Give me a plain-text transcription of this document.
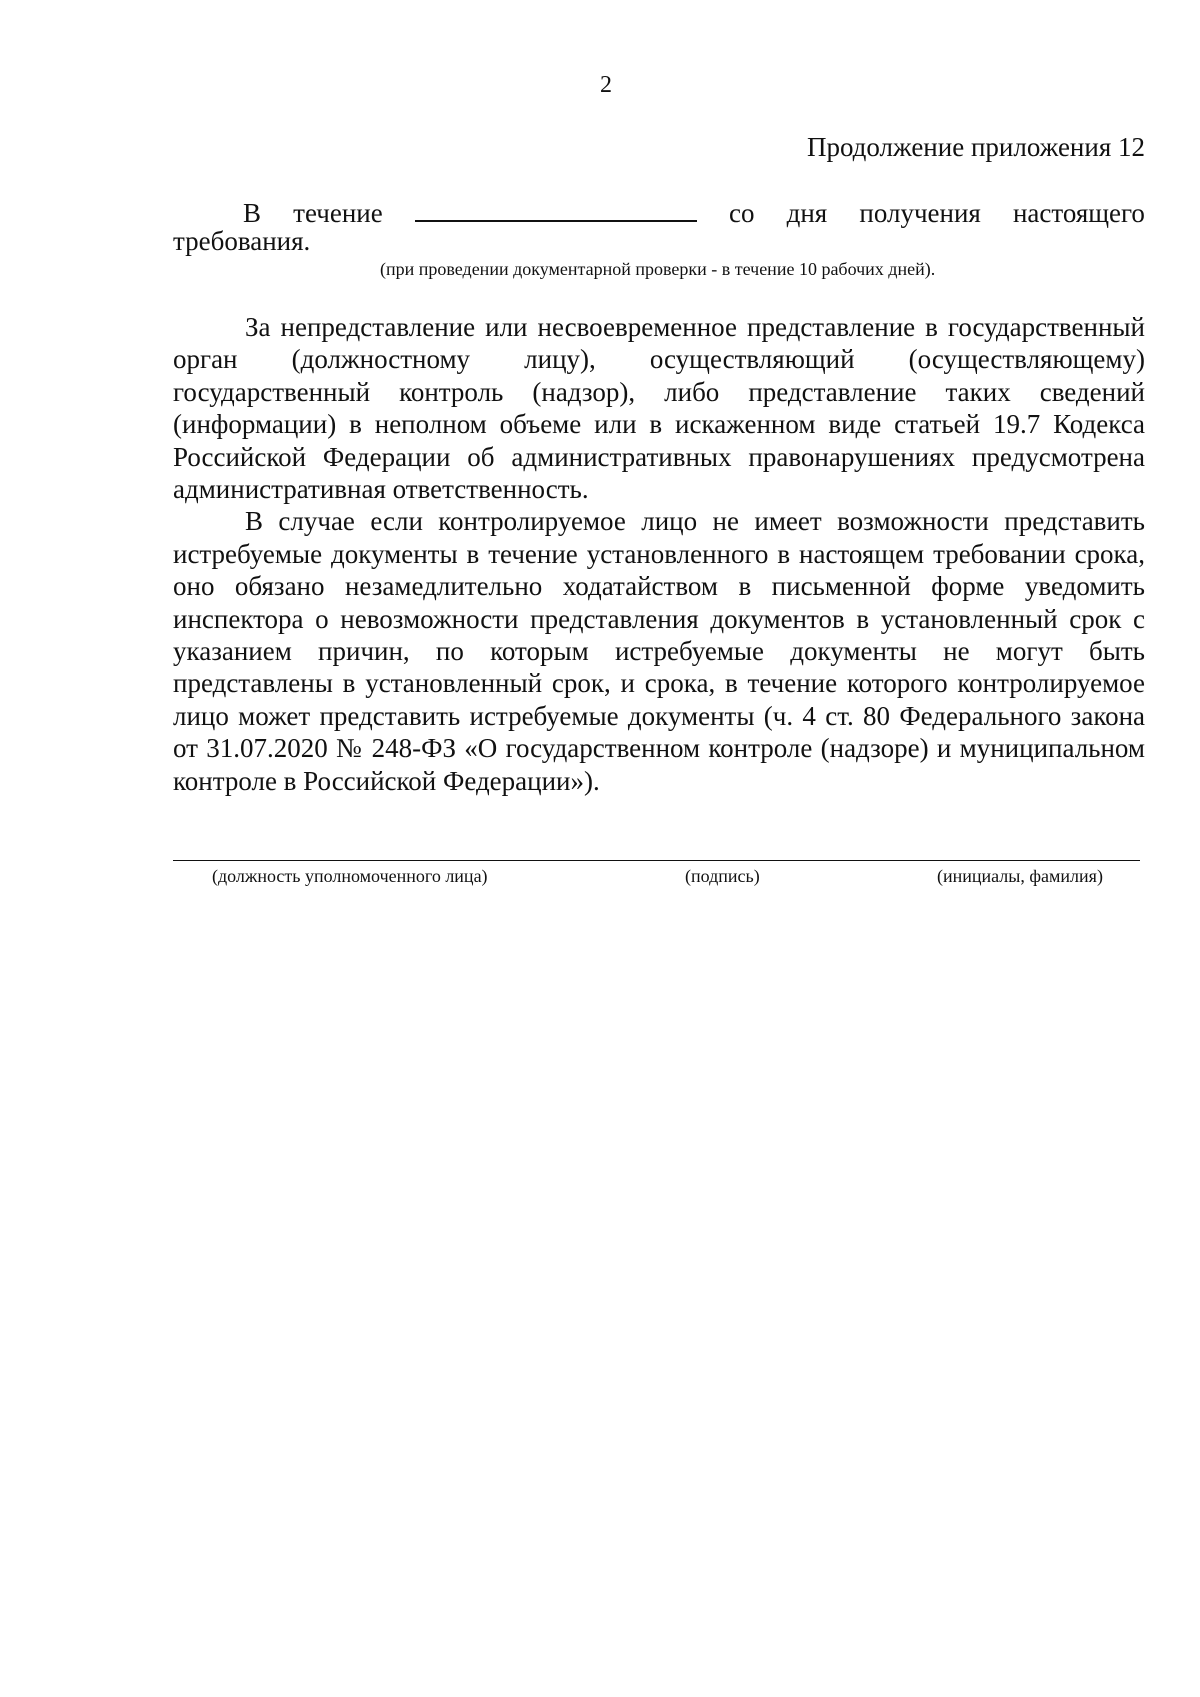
2
Продолжение приложения 12
В течение	со дня получения настоящего
требования.
(при проведении документарной проверки - в течение 10 рабочих дней).

За непредставление или несвоевременное представление в государственный орган (должностному лицу), осуществляющий (осуществляющему) государственный контроль (надзор), либо представление таких сведений (информации) в неполном объеме или в искаженном виде статьей 19.7 Кодекса Российской Федерации об административных правонарушениях предусмотрена административная ответственность.

В случае если контролируемое лицо не имеет возможности представить истребуемые документы в течение установленного в настоящем требовании срока, оно обязано незамедлительно ходатайством в письменной форме уведомить инспектора о невозможности представления документов в установленный срок с указанием причин, по которым истребуемые документы не могут быть представлены в установленный срок, и срока, в течение которого контролируемое лицо может представить истребуемые документы (ч. 4 ст. 80 Федерального закона от 31.07.2020 № 248-ФЗ «О государственном контроле (надзоре) и муниципальном контроле в Российской Федерации»).

(должность уполномоченного лица)	(подпись)	(инициалы, фамилия)
